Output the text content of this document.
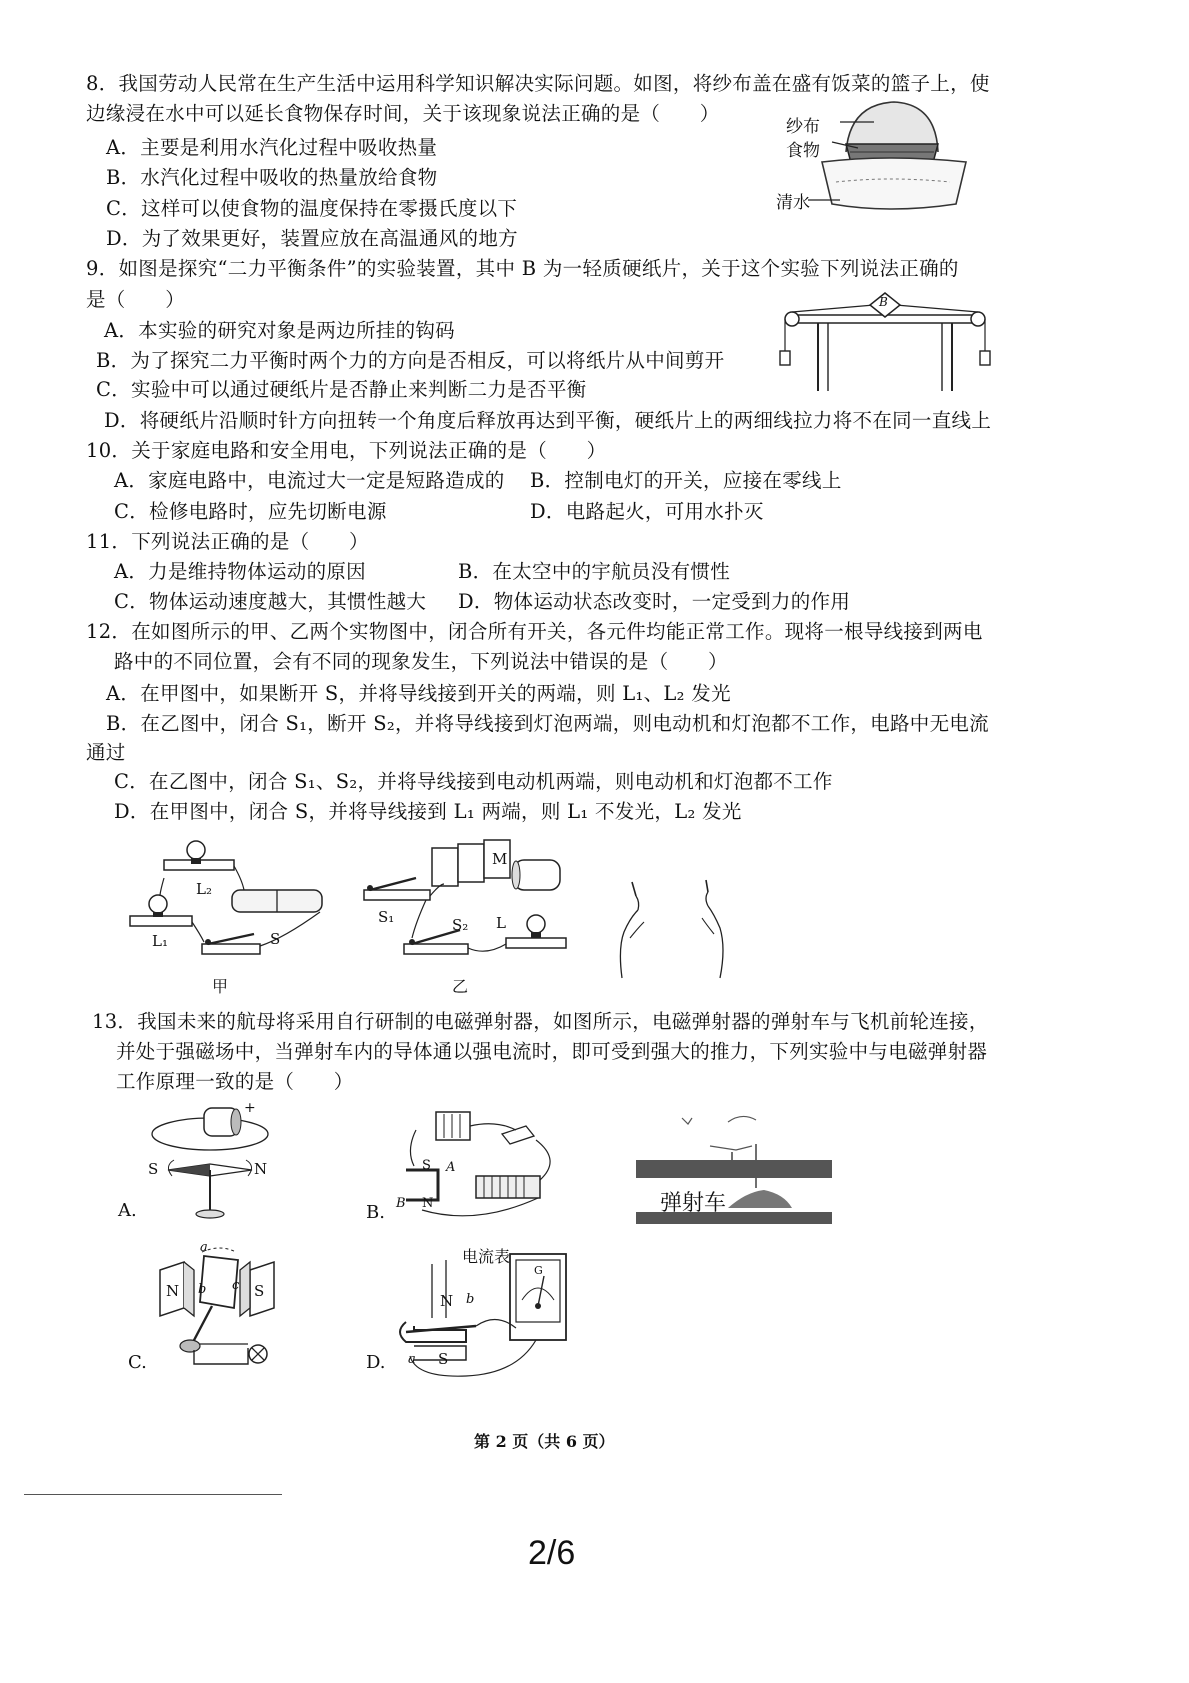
8．我国劳动人民常在生产生活中运用科学知识解决实际问题。如图，将纱布盖在盛有饭菜的篮子上，使
边缘浸在水中可以延长食物保存时间，关于该现象说法正确的是（　　）
A．主要是利用水汽化过程中吸收热量
B．水汽化过程中吸收的热量放给食物
C．这样可以使食物的温度保持在零摄氏度以下
D．为了效果更好，装置应放在高温通风的地方
纱布
食物
清水
9．如图是探究“二力平衡条件”的实验装置，其中 B 为一轻质硬纸片，关于这个实验下列说法正确的
是（　　）
A．本实验的研究对象是两边所挂的钩码
B．为了探究二力平衡时两个力的方向是否相反，可以将纸片从中间剪开
C．实验中可以通过硬纸片是否静止来判断二力是否平衡
D．将硬纸片沿顺时针方向扭转一个角度后释放再达到平衡，硬纸片上的两细线拉力将不在同一直线上
B
10．关于家庭电路和安全用电，下列说法正确的是（　　）
A．家庭电路中，电流过大一定是短路造成的 B．控制电灯的开关，应接在零线上
C．检修电路时，应先切断电源	D．电路起火，可用水扑灭
11．下列说法正确的是（　　）
A．力是维持物体运动的原因	B．在太空中的宇航员没有惯性
C．物体运动速度越大，其惯性越大 D．物体运动状态改变时，一定受到力的作用
12．在如图所示的甲、乙两个实物图中，闭合所有开关，各元件均能正常工作。现将一根导线接到两电
路中的不同位置，会有不同的现象发生，下列说法中错误的是（　　）
A．在甲图中，如果断开 S，并将导线接到开关的两端，则 L₁、L₂ 发光
B．在乙图中，闭合 S₁，断开 S₂，并将导线接到灯泡两端，则电动机和灯泡都不工作，电路中无电流
通过
C．在乙图中，闭合 S₁、S₂，并将导线接到电动机两端，则电动机和灯泡都不工作
D．在甲图中，闭合 S，并将导线接到 L₁ 两端，则 L₁ 不发光，L₂ 发光
L₂
L₁	S
甲
M
S₁	S₂ L
乙
13．我国未来的航母将采用自行研制的电磁弹射器，如图所示，电磁弹射器的弹射车与飞机前轮连接，
并处于强磁场中，当弹射车内的导体通以强电流时，即可受到强大的推力，下列实验中与电磁弹射器
工作原理一致的是（　　）
S	N
+
A.
S A
B N
B.	弹射车
N	S
a
b c
C.
电流表
G
N
S
b
a
D.
第 2 页（共 6 页）
2/6
